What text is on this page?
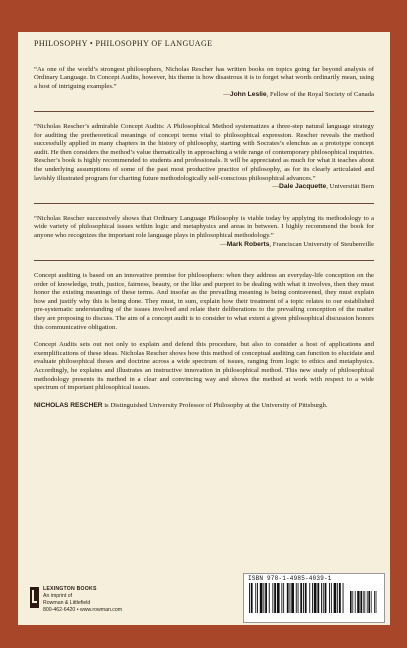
PHILOSOPHY • PHILOSOPHY OF LANGUAGE

“As one of the world’s strongest philosophers, Nicholas Rescher has written books on topics going far beyond analysis of Ordinary Language. In Concept Audits, however, his theme is how disastrous it is to forget what words ordinarily mean, using a host of intriguing examples.”
—John Leslie, Fellow of the Royal Society of Canada

“Nicholas Rescher’s admirable Concept Audits: A Philosophical Method systematizes a three-step natural language strategy for auditing the pretheoretical meanings of concept terms vital to philosophical expression. Rescher reveals the method successfully applied in many chapters in the history of philosophy, starting with Socrates’s elenchus as a prototype concept audit. He then considers the method’s value thematically in approaching a wide range of contemporary philosophical inquiries. Rescher’s book is highly recommended to students and professionals. It will be appreciated as much for what it teaches about the underlying assumptions of some of the past most productive practice of philosophy, as for its clearly articulated and lavishly illustrated program for charting future methodologically self-conscious philosophical advances.”
—Dale Jacquette, Universität Bern

“Nicholas Rescher successively shows that Ordinary Language Philosophy is viable today by applying its methodology to a wide variety of philosophical issues within logic and metaphysics and areas in between. I highly recommend the book for anyone who recognizes the important role language plays in philosophical methodology.”
—Mark Roberts, Franciscan University of Steubenville

Concept auditing is based on an innovative premise for philosophers: when they address an everyday-life conception on the order of knowledge, truth, justice, fairness, beauty, or the like and purport to be dealing with what it involves, then they must honor the existing meanings of these terms. And insofar as the prevailing meaning is being contravened, they must explain how and justify why this is being done. They must, in sum, explain how their treatment of a topic relates to our established pre-systematic understanding of the issues involved and relate their deliberations to the prevailing conception of the matter they are proposing to discuss. The aim of a concept audit is to consider to what extent a given philosophical discussion honors this communicative obligation.

Concept Audits sets out not only to explain and defend this procedure, but also to consider a host of applications and exemplifications of these ideas. Nicholas Rescher shows how this method of conceptual auditing can function to elucidate and evaluate philosophical theses and doctrine across a wide spectrum of issues, ranging from logic to ethics and metaphysics. Accordingly, he explains and illustrates an instructive innovation in philosophical method. This new study of philosophical methodology presents its method in a clear and convincing way and shows the method at work with respect to a wide spectrum of important philosophical issues.

NICHOLAS RESCHER is Distinguished University Professor of Philosophy at the University of Pittsburgh.

LEXINGTON BOOKS
An imprint of
Rowman & Littlefield
800-462-6420 • www.rowman.com
ISBN 978-1-4985-4039-1
